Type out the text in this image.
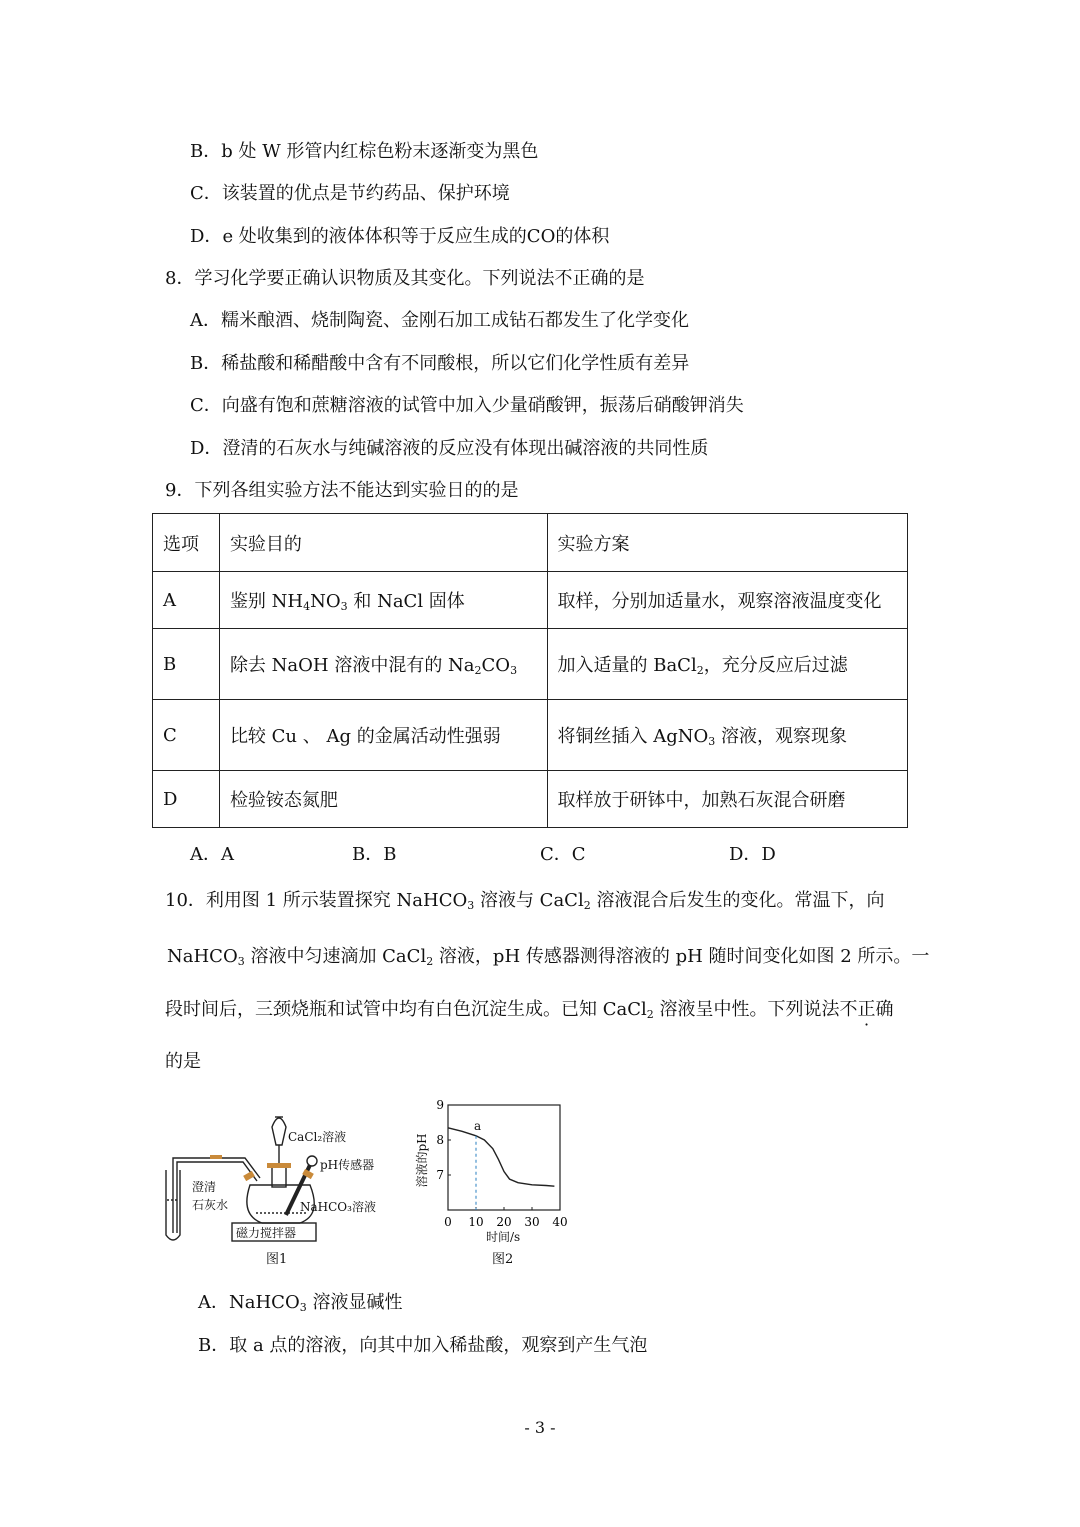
B．b 处 W 形管内红棕色粉末逐渐变为黑色
C．该装置的优点是节约药品、保护环境
D．e 处收集到的液体体积等于反应生成的CO的体积
8．学习化学要正确认识物质及其变化。下列说法不正确的是
A．糯米酿酒、烧制陶瓷、金刚石加工成钻石都发生了化学变化
B．稀盐酸和稀醋酸中含有不同酸根，所以它们化学性质有差异
C．向盛有饱和蔗糖溶液的试管中加入少量硝酸钾，振荡后硝酸钾消失
D．澄清的石灰水与纯碱溶液的反应没有体现出碱溶液的共同性质
9．下列各组实验方法不能达到实验日的的是
选项	实验目的	实验方案
A	鉴别 $NH_4NO_3$ 和 NaCl 固体	取样，分别加适量水，观察溶液温度变化
B	除去 NaOH 溶液中混有的 $Na_2CO_3$	加入适量的 BaCl$_2$，充分反应后过滤
C	比较 Cu 、 Ag 的金属活动性强弱	将铜丝插入 AgNO$_3$ 溶液，观察现象
D	检验铵态氮肥	取样放于研钵中，加熟石灰混合研磨
A．A	B．B	C．C	D．D
10．利用图 1 所示装置探究 NaHCO$_3$ 溶液与 CaCl$_2$ 溶液混合后发生的变化。常温下，向
NaHCO$_3$ 溶液中匀速滴加 CaCl$_2$ 溶液，pH 传感器测得溶液的 pH 随时间变化如图 2 所示。一
段时间后，三颈烧瓶和试管中均有白色沉淀生成。已知 CaCl$_2$ 溶液呈中性。下列说法不正确
的是
CaCl₂溶液
pH传感器
NaHCO₃溶液
澄清
石灰水
磁力搅拌器
图1
0 10 20 30 40
7
8
9
a
溶液的pH
时间/s
图2
A．NaHCO$_3$ 溶液显碱性
B．取 a 点的溶液，向其中加入稀盐酸，观察到产生气泡
- 3 -
